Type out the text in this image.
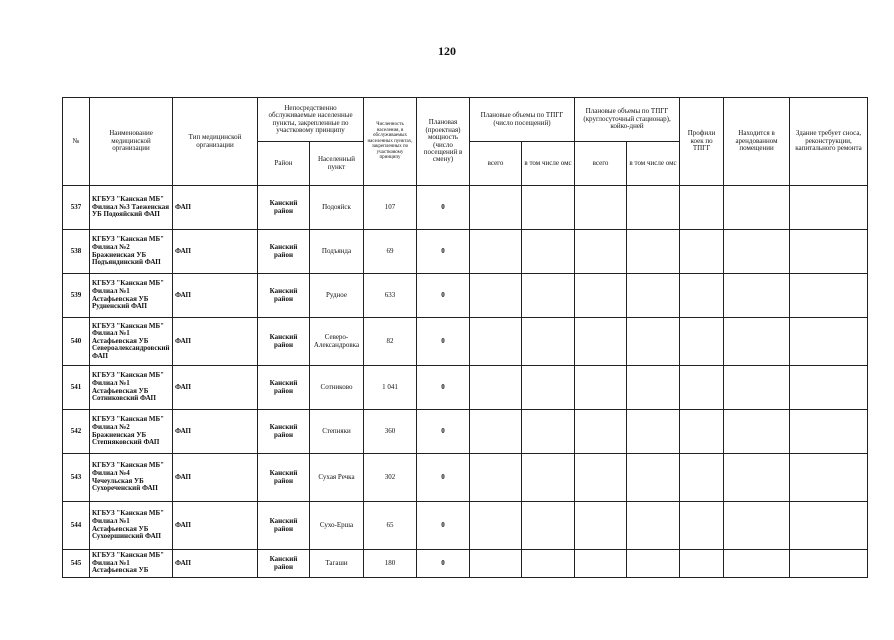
120
№	Наименование медицинской организации	Тип медицинской организации	Непосредственно обслуживаемые населенные пункты, закрепленные по участковому принципу		Численность населения, в обслуживаемых населенных пунктах, закрепленных по участковому принципу	Плановая (проектная) мощность (число посещений в смену)	Плановые объемы по ТПГГ (число посещений)		Плановые объемы по ТПГГ (круглосуточный стационар), койко-дней		Профили коек по ТПГГ	Находится в арендованном помещении	Здание требует сноса, реконструкции, капитального ремонта
			Район	Населенный пункт			всего	в том числе омс	всего	в том числе омс			
537	КГБУЗ "Канская МБ" Филиал №3 Таеженская УБ Подояйский ФАП	ФАП	Канский район	Подояйск	107	0							
538	КГБУЗ "Канская МБ" Филиал №2 Бражненская УБ Подъяндинский ФАП	ФАП	Канский район	Подъянда	69	0							
539	КГБУЗ "Канская МБ" Филиал №1 Астафьевская УБ Рудненский ФАП	ФАП	Канский район	Рудное	633	0							
540	КГБУЗ "Канская МБ" Филиал №1 Астафьевская УБ Североалександровский ФАП	ФАП	Канский район	Северо-Александровка	82	0							
541	КГБУЗ "Канская МБ" Филиал №1 Астафьевская УБ Сотниковский ФАП	ФАП	Канский район	Сотниково	1 041	0							
542	КГБУЗ "Канская МБ" Филиал №2 Бражненская УБ Степняковский ФАП	ФАП	Канский район	Степняки	360	0							
543	КГБУЗ "Канская МБ" Филиал №4 Чечеульская УБ Сухореченский ФАП	ФАП	Канский район	Сухая Речка	302	0							
544	КГБУЗ "Канская МБ" Филиал №1 Астафьевская УБ Сухоершинский ФАП	ФАП	Канский район	Сухо-Ерша	65	0							
545	КГБУЗ "Канская МБ" Филиал №1 Астафьевская УБ	ФАП	Канский район	Тагаши	180	0							
